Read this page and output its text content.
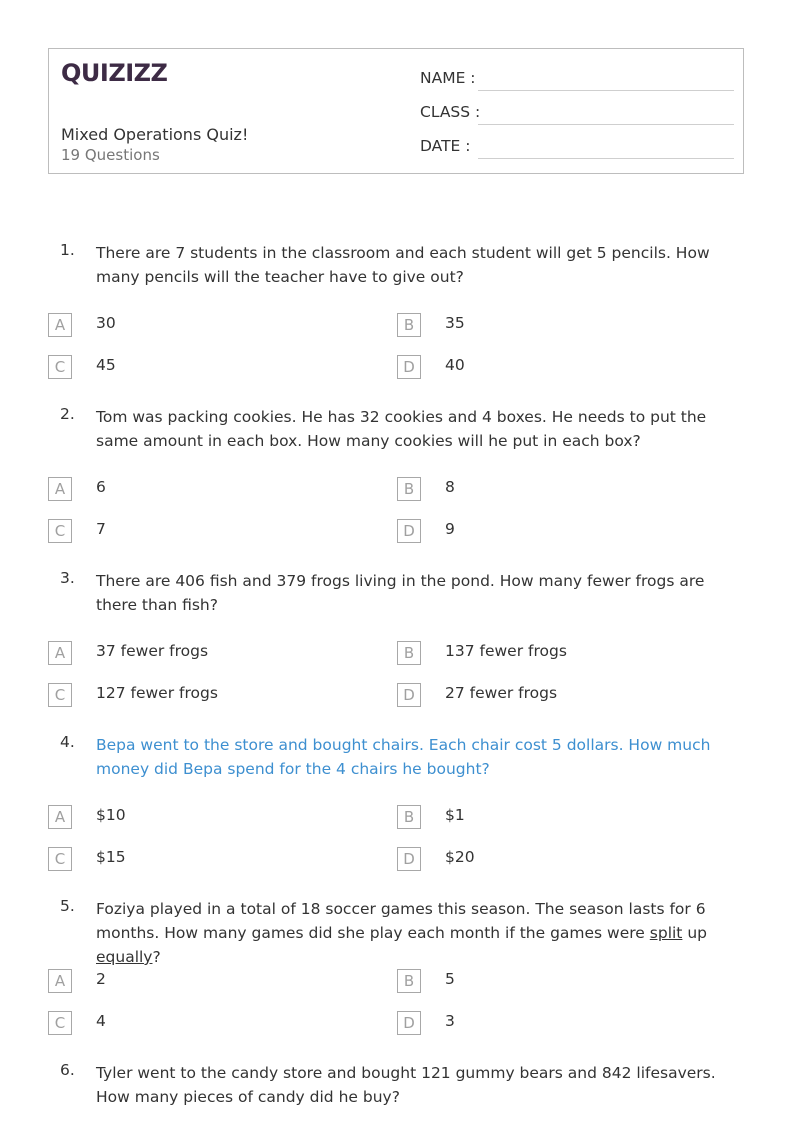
QUIZIZZ
Mixed Operations Quiz!
19 Questions
NAME :
CLASS :
DATE :
1. There are 7 students in the classroom and each student will get 5 pencils. How many pencils will the teacher have to give out?
A	30	B	35
C	45	D	40
2. Tom was packing cookies. He has 32 cookies and 4 boxes. He needs to put the same amount in each box. How many cookies will he put in each box?
A	6	B	8
C	7	D	9
3. There are 406 fish and 379 frogs living in the pond. How many fewer frogs are there than fish?
A	37 fewer frogs	B	137 fewer frogs
C	127 fewer frogs	D	27 fewer frogs
4. Bepa went to the store and bought chairs. Each chair cost 5 dollars. How much money did Bepa spend for the 4 chairs he bought?
A	$10	B	$1
C	$15	D	$20
5. Foziya played in a total of 18 soccer games this season. The season lasts for 6 months. How many games did she play each month if the games were split up equally?
A	2	B	5
C	4	D	3
6. Tyler went to the candy store and bought 121 gummy bears and 842 lifesavers. How many pieces of candy did he buy?
